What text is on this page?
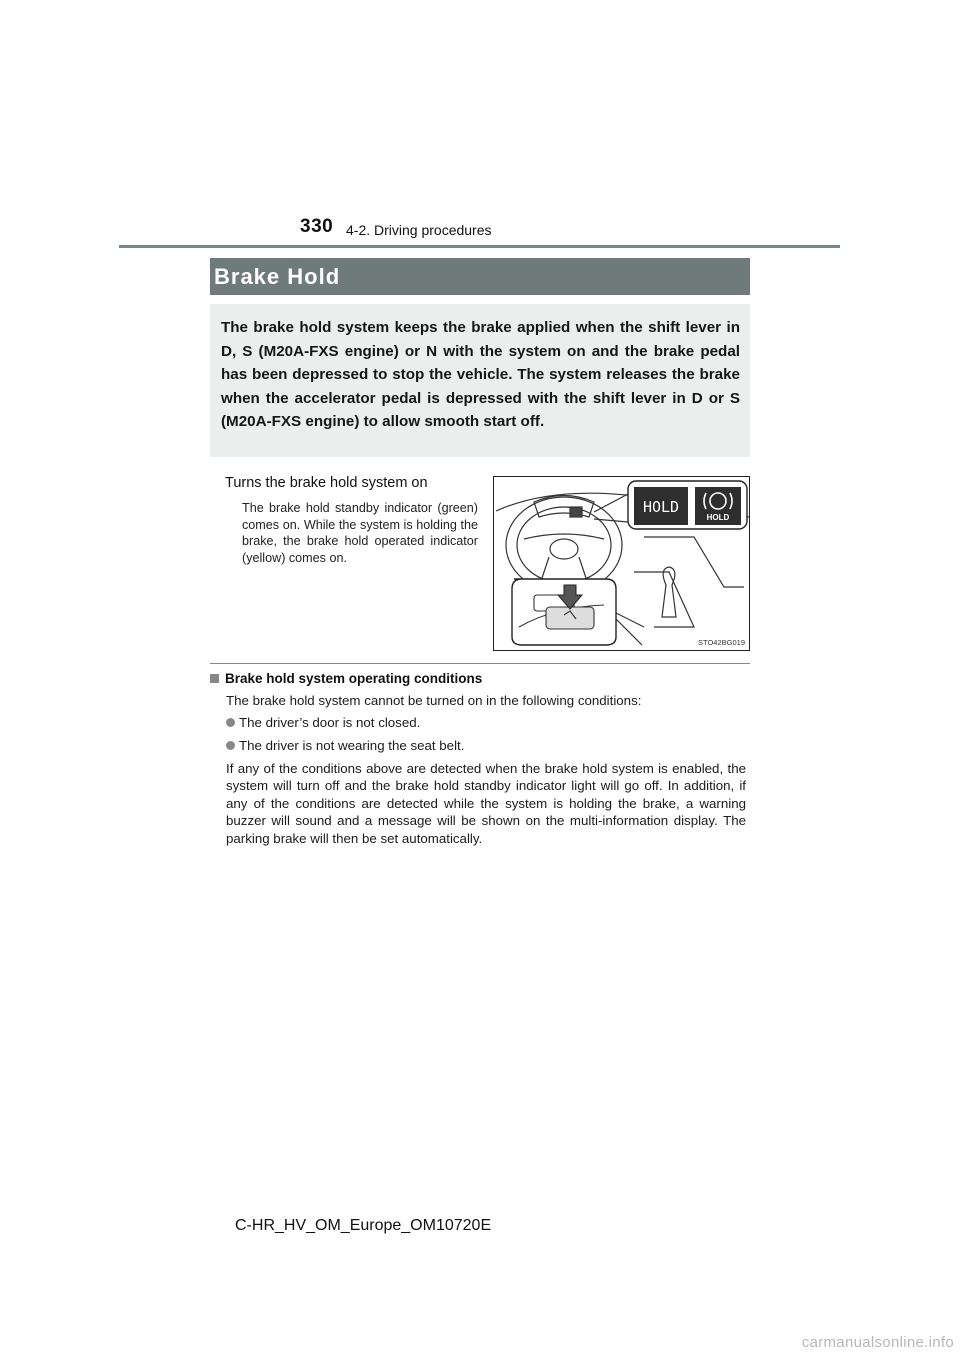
330 4-2. Driving procedures
Brake Hold

The brake hold system keeps the brake applied when the shift lever in D, S (M20A-FXS engine) or N with the system on and the brake pedal has been depressed to stop the vehicle. The system releases the brake when the accelerator pedal is depressed with the shift lever in D or S (M20A-FXS engine) to allow smooth start off.

Turns the brake hold system on

The brake hold standby indicator (green) comes on. While the system is holding the brake, the brake hold operated indicator (yellow) comes on.

HOLD
HOLD
STO42BG019
Brake hold system operating conditions

The brake hold system cannot be turned on in the following conditions:

The driver’s door is not closed.
The driver is not wearing the seat belt.

If any of the conditions above are detected when the brake hold system is enabled, the system will turn off and the brake hold standby indicator light will go off. In addition, if any of the conditions are detected while the system is holding the brake, a warning buzzer will sound and a message will be shown on the multi-information display. The parking brake will then be set automatically.

C-HR_HV_OM_Europe_OM10720E
carmanualsonline.info
